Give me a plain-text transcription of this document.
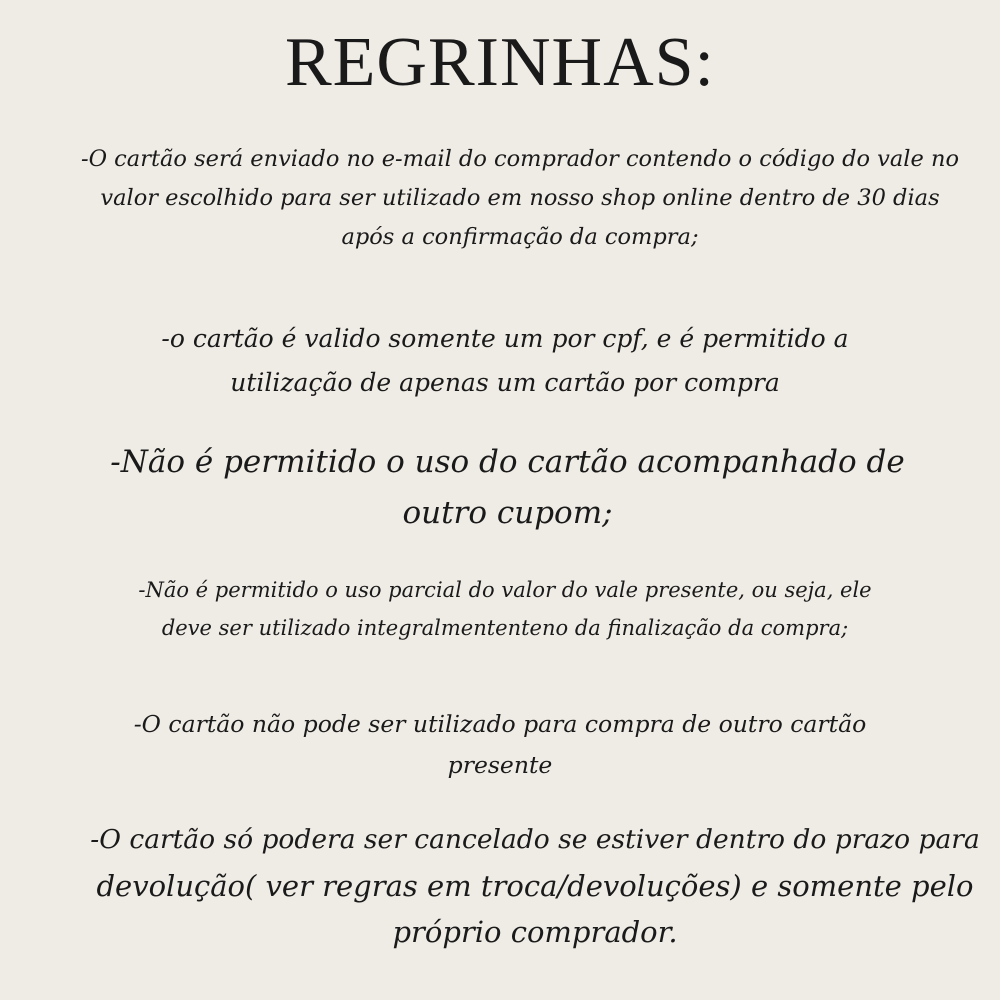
REGRINHAS:
-O cartão será enviado no e-mail do comprador contendo o código do vale no
valor escolhido para ser utilizado em nosso shop online dentro de 30 dias
após a confirmação da compra;
-o cartão é valido somente um por cpf, e é permitido a
utilização de apenas um cartão por compra
-Não é permitido o uso do cartão acompanhado de
outro cupom;
-Não é permitido o uso parcial do valor do vale presente, ou seja, ele
deve ser utilizado integralmententeno da finalização da compra;
-O cartão não pode ser utilizado para compra de outro cartão
presente
-O cartão só podera ser cancelado se estiver dentro do prazo para
devolução( ver regras em troca/devoluções) e somente pelo
próprio comprador.
